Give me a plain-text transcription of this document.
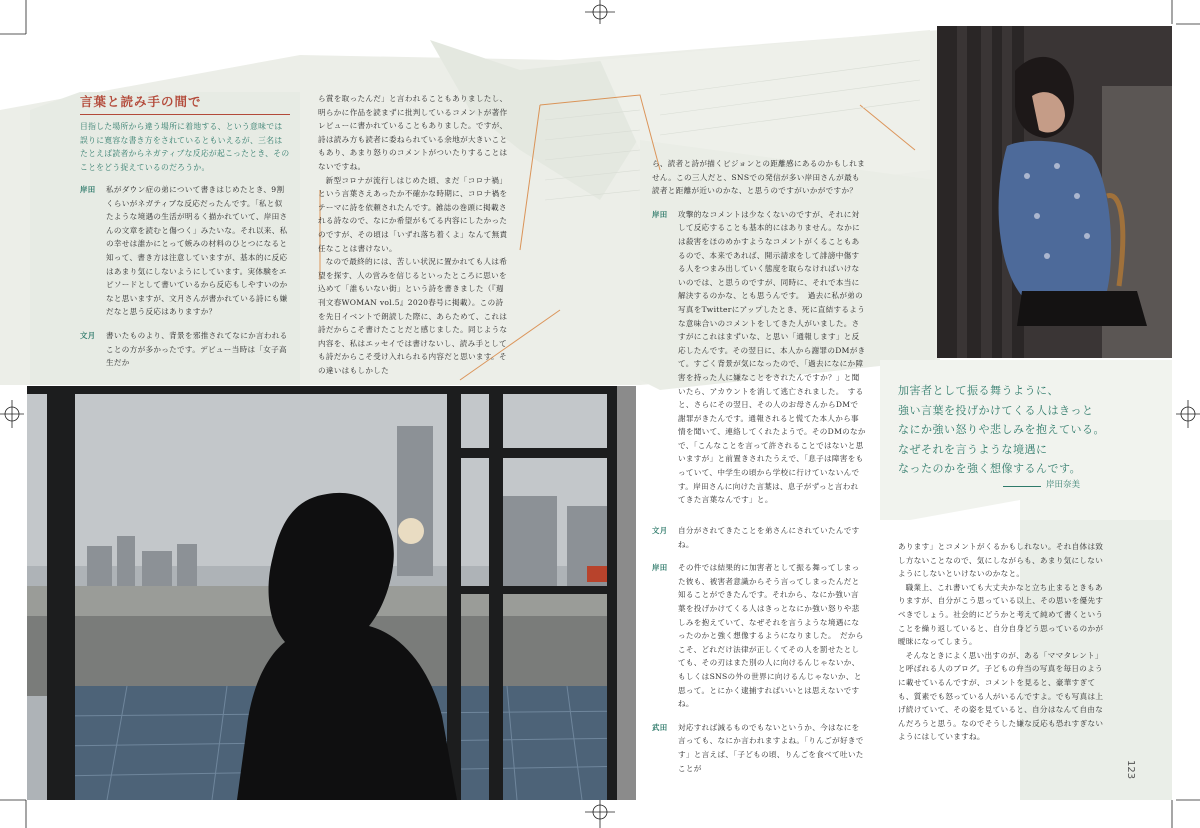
言葉と読み手の間で
目指した場所から違う場所に着地する、という意味では誤りに寛容な書き方をされているともいえるが、三名はたとえば読者からネガティブな反応が起こったとき、そのことをどう捉えているのだろうか。
岸田 私がダウン症の弟について書きはじめたとき、9割くらいがネガティブな反応だったんです。「私と似たような境遇の生活が明るく描かれていて、岸田さんの文章を読むと傷つく」みたいな。それ以来、私の幸せは誰かにとって嫉みの材料のひとつになると知って、書き方は注意していますが、基本的に反応はあまり気にしないようにしています。実体験をエピソードとして書いているから反応もしやすいのかなと思いますが、文月さんが書かれている詩にも嫌だなと思う反応はありますか？

文月 書いたものより、背景を邪推されてなにか言われることの方が多かったです。デビュー当時は「女子高生だか

ら賞を取ったんだ」と言われることもありましたし、明らかに作品を読まずに批判しているコメントが著作レビューに書かれていることもありました。ですが、詩は読み方も読者に委ねられている余地が大きいこともあり、あまり怒りのコメントがついたりすることはないですね。

新型コロナが流行しはじめた頃、まだ「コロナ禍」という言葉さえあったか不確かな時期に、コロナ禍をテーマに詩を依頼されたんです。雑誌の巻頭に掲載される詩なので、なにか希望がもてる内容にしたかったのですが、その頃は「いずれ落ち着くよ」なんて無責任なことは書けない。

なので最終的には、苦しい状況に置かれても人は希望を探す、人の営みを信じるといったところに思いを込めて「誰もいない街」という詩を書きました（『週刊文春WOMAN vol.5』2020春号に掲載）。この詩を先日イベントで朗読した際に、あらためて、これは詩だからこそ書けたことだと感じました。同じような内容を、私はエッセイでは書けないし、読み手としても詩だからこそ受け入れられる内容だと思います。その違いはもしかした

ら、読者と詩が描くビジョンとの距離感にあるのかもしれません。この三人だと、SNSでの発信が多い岸田さんが最も読者と距離が近いのかな、と思うのですがいかがですか？

岸田 攻撃的なコメントは少なくないのですが、それに対して反応することも基本的にはありません。なかには殺害をほのめかすようなコメントがくることもあるので、本来であれば、開示請求をして誹謗中傷する人をつまみ出していく態度を取らなければいけないのでは、と思うのですが、同時に、それで本当に解決するのかな、とも思うんです。　過去に私が弟の写真をTwitterにアップしたとき、死に直結するような意味合いのコメントをしてきた人がいました。さすがにこれはまずいな、と思い「通報します」と反応したんです。その翌日に、本人から謝罪のDMがきて。すごく背景が気になったので、「過去になにか障害を持った人に嫌なことをされたんですか？」と聞いたら、アカウントを消して逃亡されました。　すると、さらにその翌日、その人のお母さんからDMで謝罪がきたんです。通報されると慌てた本人から事情を聞いて、連絡してくれたようで。そのDMのなかで、「こんなことを言って許されることではないと思いますが」と前置きされたうえで、「息子は障害をもっていて、中学生の頃から学校に行けていないんです。岸田さんに向けた言葉は、息子がずっと言われてきた言葉なんです」と。

文月 自分がされてきたことを弟さんにされていたんですね。

岸田 その件では結果的に加害者として振る舞ってしまった彼も、被害者意識からそう言ってしまったんだと知ることができたんです。それから、なにか強い言葉を投げかけてくる人はきっとなにか強い怒りや悲しみを抱えていて、なぜそれを言うような境遇になったのかと強く想像するようになりました。　だからこそ、どれだけ法律が正しくてその人を罰せたとしても、その刃はまた別の人に向けるんじゃないか、もしくはSNSの外の世界に向けるんじゃないか、と思って。とにかく逮捕すればいいとは思えないですね。

武田 対応すれば減るものでもないというか、今はなにを言っても、なにか言われますよね。「りんごが好きです」と言えば、「子どもの頃、りんごを食べて吐いたことが

あります」とコメントがくるかもしれない。それ自体は致し方ないことなので、気にしながらも、あまり気にしないようにしないといけないのかなと。

職業上、これ書いても大丈夫かなと立ち止まるときもありますが、自分がこう思っている以上、その思いを優先すべきでしょう。社会的にどうかと考えて純めて書くということを繰り返していると、自分自身どう思っているのかが曖昧になってしまう。

そんなときによく思い出すのが、ある「ママタレント」と呼ばれる人のブログ。子どもの弁当の写真を毎日のように載せているんですが、コメントを見ると、豪華すぎても、質素でも怒っている人がいるんですよ。でも写真は上げ続けていて、その姿を見ていると、自分はなんて自由なんだろうと思う。なのでそうした嫌な反応も恐れすぎないようにはしていますね。

加害者として振る舞うように、
強い言葉を投げかけてくる人はきっと
なにか強い怒りや悲しみを抱えている。
なぜそれを言うような境遇に
なったのかを強く想像するんです。
岸田奈美
123
